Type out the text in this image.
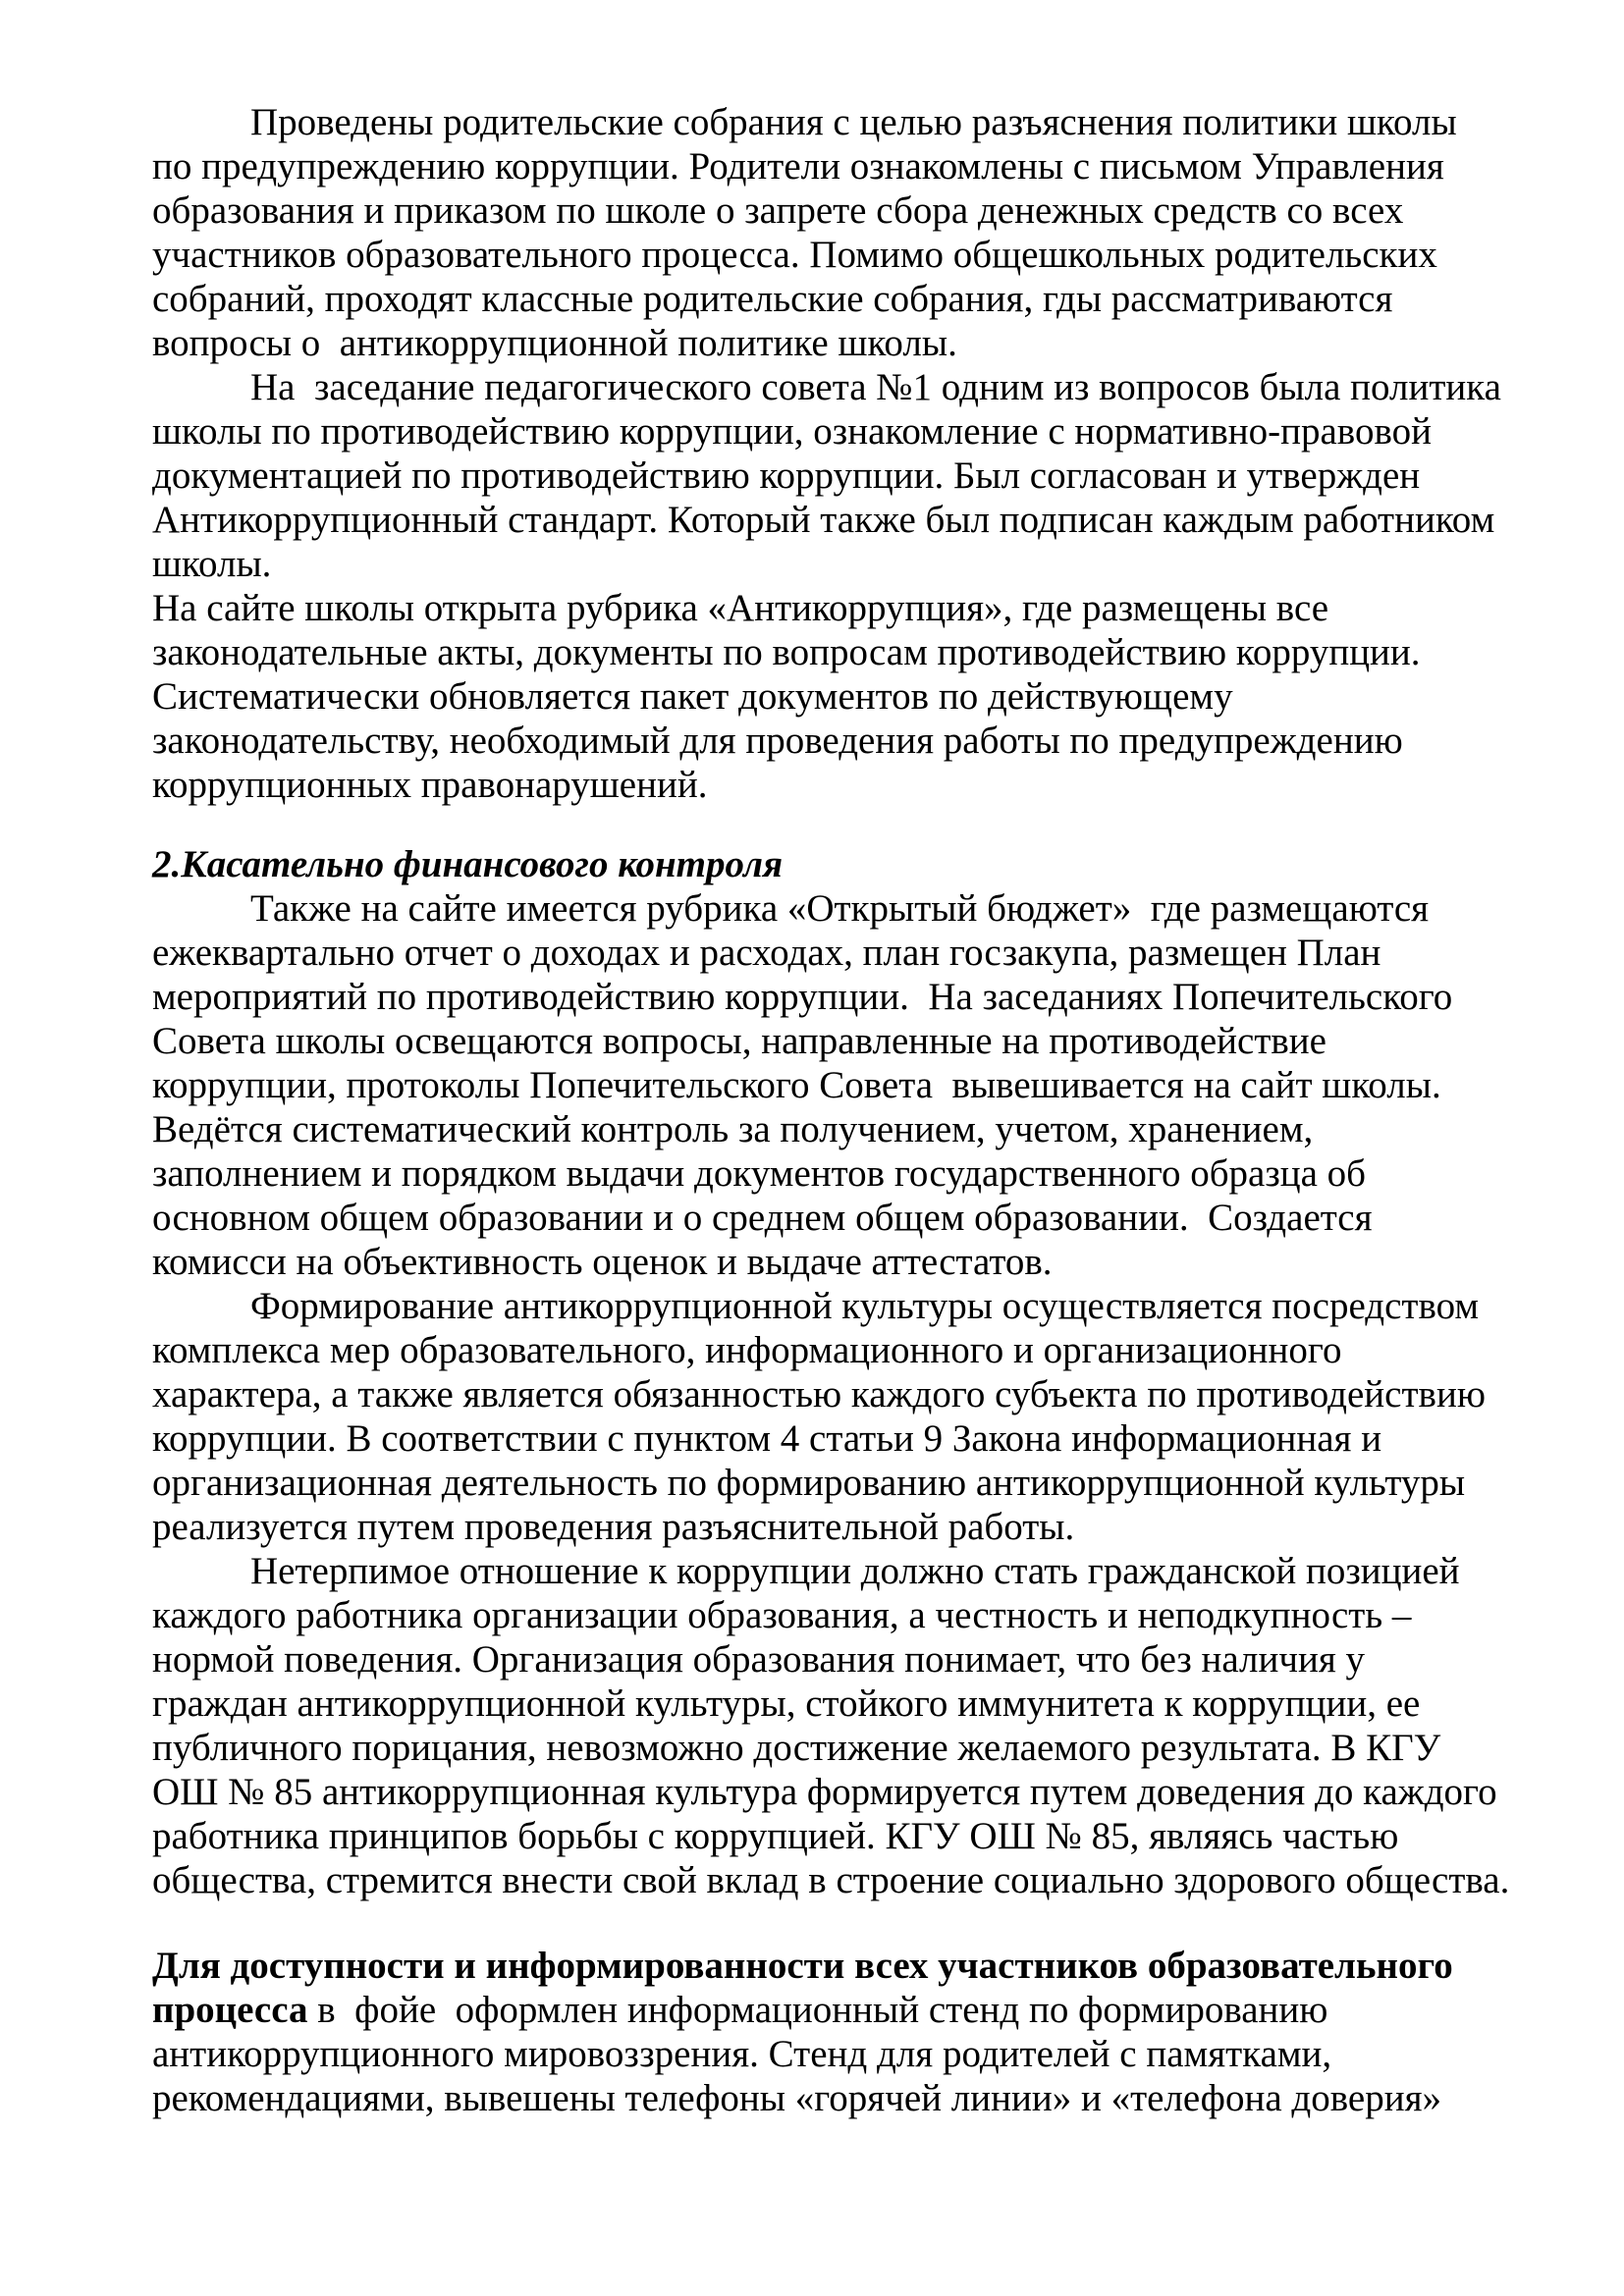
Проведены родительские собрания с целью разъяснения политики школы
по предупреждению коррупции. Родители ознакомлены с письмом Управления
образования и приказом по школе о запрете сбора денежных средств со всех
участников образовательного процесса. Помимо общешкольных родительских
собраний, проходят классные родительские собрания, гды рассматриваются
вопросы о  антикоррупционной политике школы.
На  заседание педагогического совета №1 одним из вопросов была политика
школы по противодействию коррупции, ознакомление с нормативно-правовой
документацией по противодействию коррупции. Был согласован и утвержден
Антикоррупционный стандарт. Который также был подписан каждым работником
школы.
На сайте школы открыта рубрика «Антикоррупция», где размещены все
законодательные акты, документы по вопросам противодействию коррупции.
Систематически обновляется пакет документов по действующему
законодательству, необходимый для проведения работы по предупреждению
коррупционных правонарушений.
2.Касательно финансового контроля
Также на сайте имеется рубрика «Открытый бюджет»  где размещаются
ежеквартально отчет о доходах и расходах, план госзакупа, размещен План
мероприятий по противодействию коррупции.  На заседаниях Попечительского
Совета школы освещаются вопросы, направленные на противодействие
коррупции, протоколы Попечительского Совета  вывешивается на сайт школы.
Ведётся систематический контроль за получением, учетом, хранением,
заполнением и порядком выдачи документов государственного образца об
основном общем образовании и о среднем общем образовании.  Создается
комисси на объективность оценок и выдаче аттестатов.
Формирование антикоррупционной культуры осуществляется посредством
комплекса мер образовательного, информационного и организационного
характера, а также является обязанностью каждого субъекта по противодействию
коррупции. В соответствии с пунктом 4 статьи 9 Закона информационная и
организационная деятельность по формированию антикоррупционной культуры
реализуется путем проведения разъяснительной работы.
Нетерпимое отношение к коррупции должно стать гражданской позицией
каждого работника организации образования, а честность и неподкупность –
нормой поведения. Организация образования понимает, что без наличия у
граждан антикоррупционной культуры, стойкого иммунитета к коррупции, ее
публичного порицания, невозможно достижение желаемого результата. В КГУ
ОШ № 85 антикоррупционная культура формируется путем доведения до каждого
работника принципов борьбы с коррупцией. КГУ ОШ № 85, являясь частью
общества, стремится внести свой вклад в строение социально здорового общества.
Для доступности и информированности всех участников образовательного
процесса в  фойе  оформлен информационный стенд по формированию
антикоррупционного мировоззрения. Стенд для родителей с памятками,
рекомендациями, вывешены телефоны «горячей линии» и «телефона доверия»
